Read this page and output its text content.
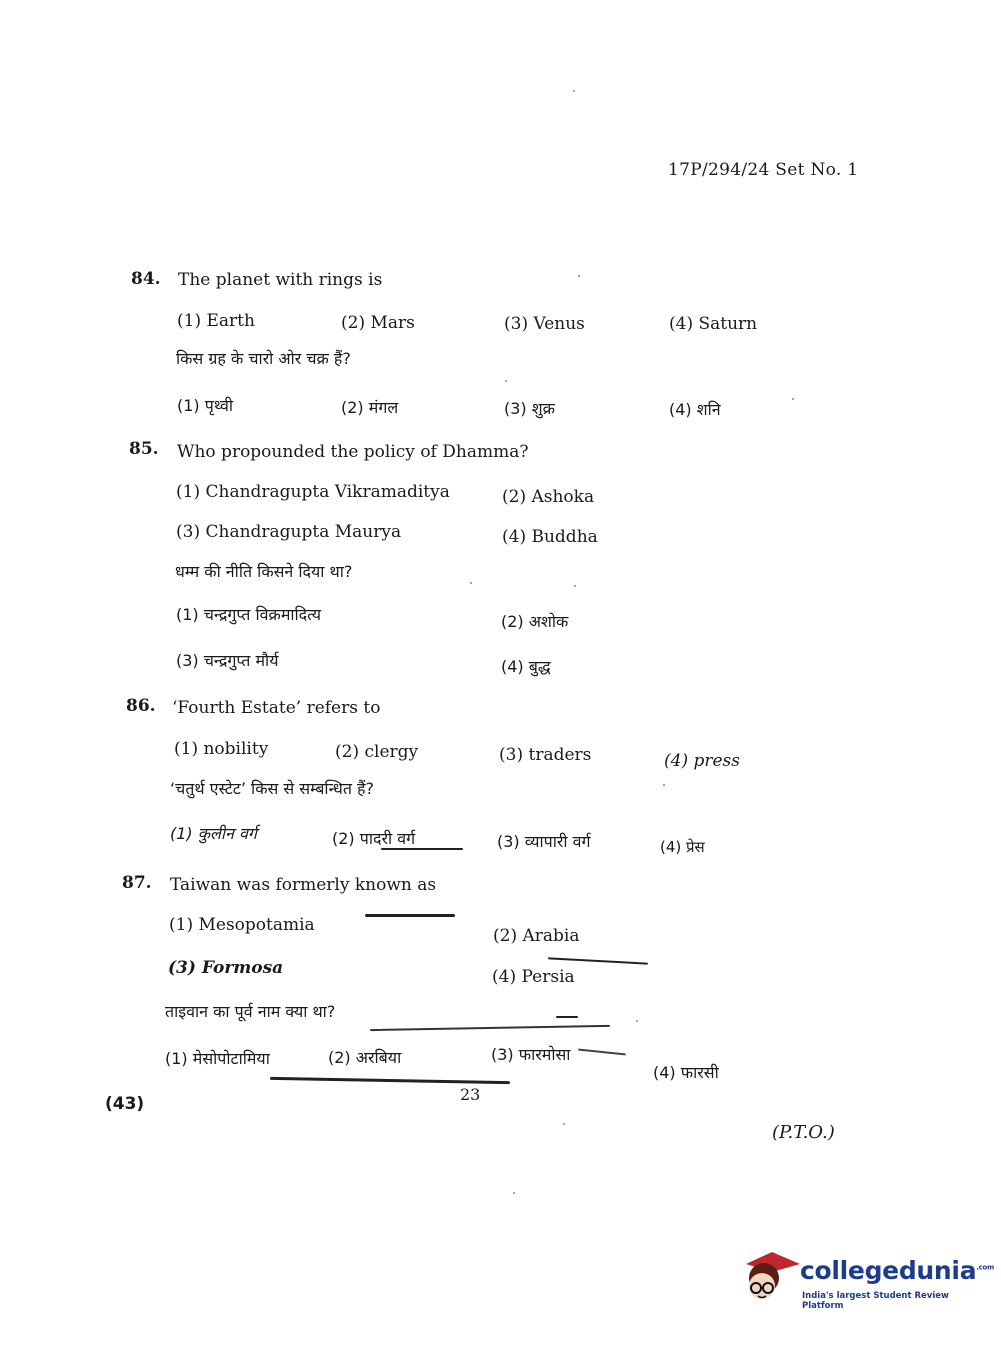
17P/294/24 Set No. 1
84. The planet with rings is
(1) Earth	(2) Mars	(3) Venus	(4) Saturn
किस ग्रह के चारो ओर चक्र हैं?
(1) पृथ्वी	(2) मंगल	(3) शुक्र	(4) शनि
85. Who propounded the policy of Dhamma?
(1) Chandragupta Vikramaditya	(2) Ashoka
(3) Chandragupta Maurya	(4) Buddha
धम्म की नीति किसने दिया था?
(1) चन्द्रगुप्त विक्रमादित्य	(2) अशोक
(3) चन्द्रगुप्त मौर्य	(4) बुद्ध
86. ‘Fourth Estate’ refers to
(1) nobility	(2) clergy	(3) traders	(4) press
‘चतुर्थ एस्टेट’ किस से सम्बन्धित हैं?
(1) कुलीन वर्ग	(2) पादरी वर्ग	(3) व्यापारी वर्ग	(4) प्रेस
87. Taiwan was formerly known as
(1) Mesopotamia
(2) Arabia
(3) Formosa	(4) Persia
ताइवान का पूर्व नाम क्या था?
(1) मेसोपोटामिया	(2) अरबिया	(3) फारमोसा
(4) फारसी
(43)	23
(P.T.O.)
collegedunia$^{.com}$
India's largest Student Review Platform
